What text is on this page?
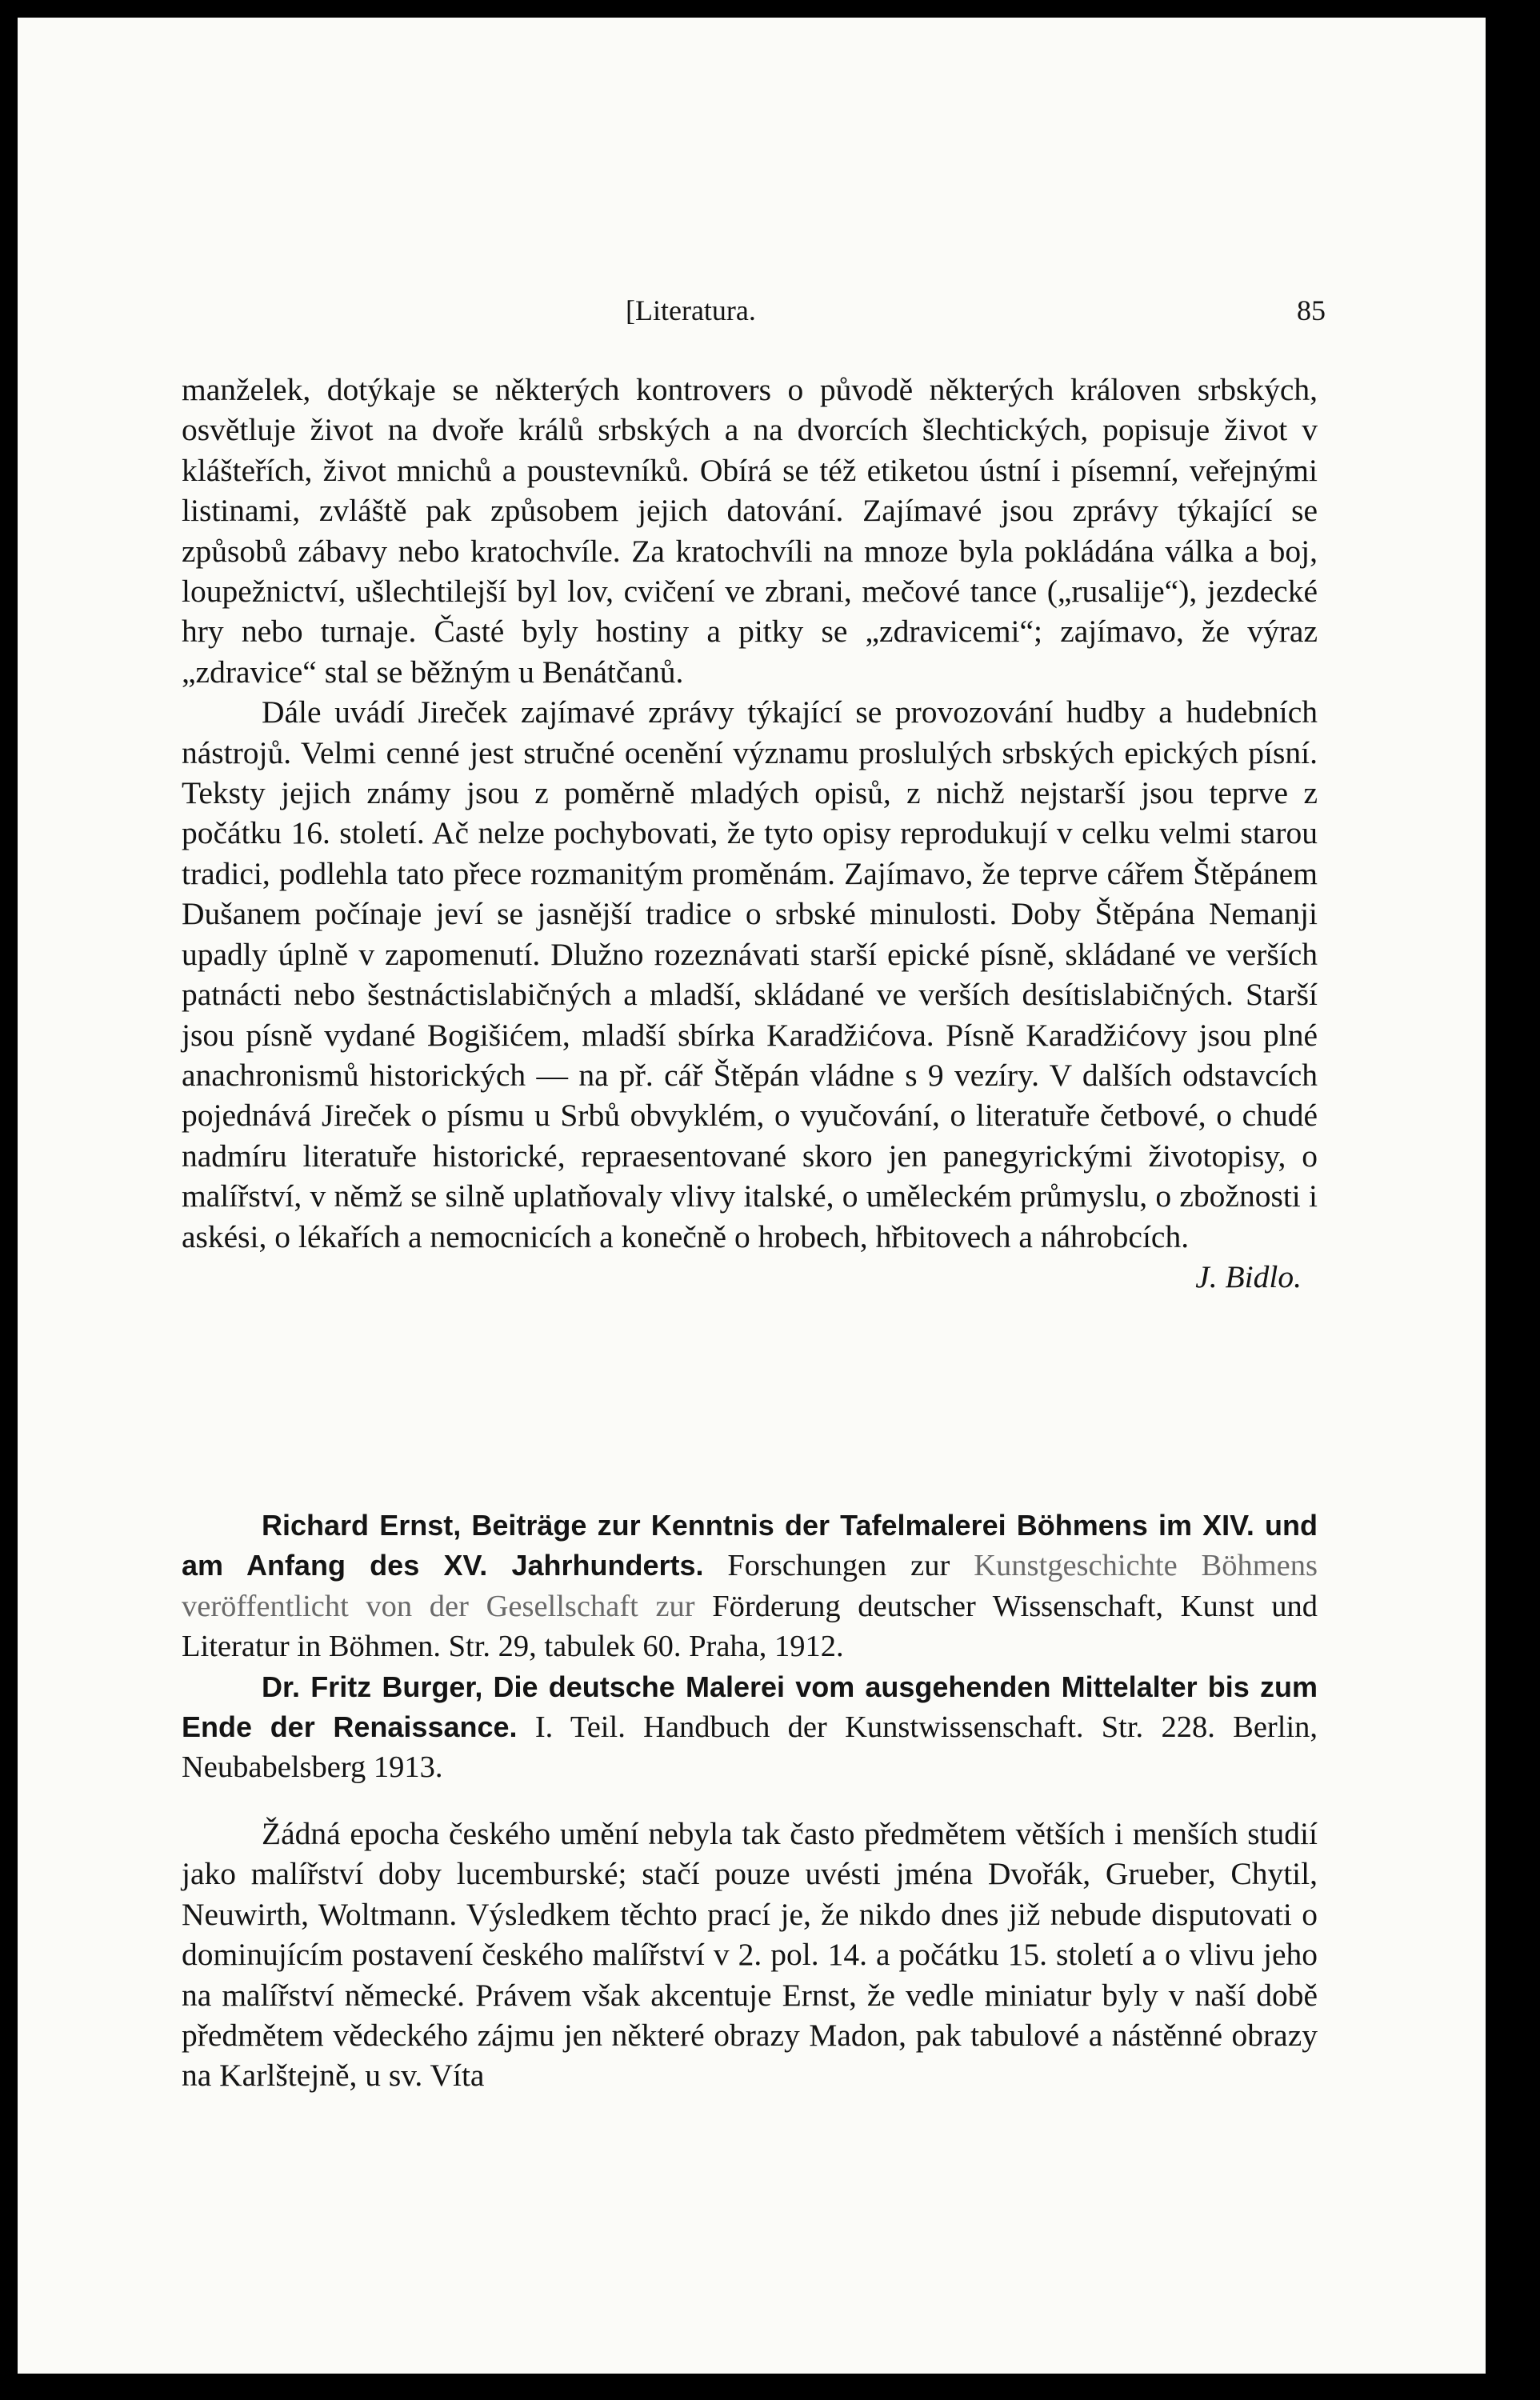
[Literatura.	85

manželek, dotýkaje se některých kontrovers o původě některých královen srbských, osvětluje život na dvoře králů srbských a na dvorcích šlechtických, popisuje život v klášteřích, život mnichů a poustevníků. Obírá se též etiketou ústní i písemní, veřejnými listinami, zvláště pak způsobem jejich datování. Zajímavé jsou zprávy týkající se způsobů zábavy nebo kratochvíle. Za kratochvíli na mnoze byla pokládána válka a boj, loupežnictví, ušlechtilejší byl lov, cvičení ve zbrani, mečové tance („rusalije“), jezdecké hry nebo turnaje. Časté byly hostiny a pitky se „zdravicemi“; zajímavo, že výraz „zdravice“ stal se běžným u Benátčanů.

Dále uvádí Jireček zajímavé zprávy týkající se provozování hudby a hudebních nástrojů. Velmi cenné jest stručné ocenění významu proslulých srbských epických písní. Teksty jejich známy jsou z poměrně mladých opisů, z nichž nejstarší jsou teprve z počátku 16. století. Ač nelze pochybovati, že tyto opisy reprodukují v celku velmi starou tradici, podlehla tato přece rozmanitým proměnám. Zajímavo, že teprve cářem Štěpánem Dušanem počínaje jeví se jasnější tradice o srbské minulosti. Doby Štěpána Nemanji upadly úplně v zapomenutí. Dlužno rozeznávati starší epické písně, skládané ve verších patnácti nebo šestnáctislabičných a mladší, skládané ve verších desítislabičných. Starší jsou písně vydané Bogišićem, mladší sbírka Karadžićova. Písně Karadžićovy jsou plné anachronismů historických — na př. cář Štěpán vládne s 9 vezíry. V dalších odstavcích pojednává Jireček o písmu u Srbů obvyklém, o vyučování, o literatuře četbové, o chudé nadmíru literatuře historické, repraesentované skoro jen panegyrickými životopisy, o malířství, v němž se silně uplatňovaly vlivy italské, o uměleckém průmyslu, o zbožnosti i askési, o lékařích a nemocnicích a konečně o hrobech, hřbitovech a náhrobcích.

J. Bidlo.

Richard Ernst, Beiträge zur Kenntnis der Tafelmalerei Böhmens im XIV. und am Anfang des XV. Jahrhunderts. Forschungen zur Kunstgeschichte Böhmens veröffentlicht von der Gesellschaft zur Förderung deutscher Wissenschaft, Kunst und Literatur in Böhmen. Str. 29, tabulek 60. Praha, 1912.

Dr. Fritz Burger, Die deutsche Malerei vom ausgehenden Mittelalter bis zum Ende der Renaissance. I. Teil. Handbuch der Kunstwissenschaft. Str. 228. Berlin, Neubabelsberg 1913.

Žádná epocha českého umění nebyla tak často předmětem větších i menších studií jako malířství doby lucemburské; stačí pouze uvésti jména Dvořák, Grueber, Chytil, Neuwirth, Woltmann. Výsledkem těchto prací je, že nikdo dnes již nebude disputovati o dominujícím postavení českého malířství v 2. pol. 14. a počátku 15. století a o vlivu jeho na malířství německé. Právem však akcentuje Ernst, že vedle miniatur byly v naší době předmětem vědeckého zájmu jen některé obrazy Madon, pak tabulové a nástěnné obrazy na Karlštejně, u sv. Víta
